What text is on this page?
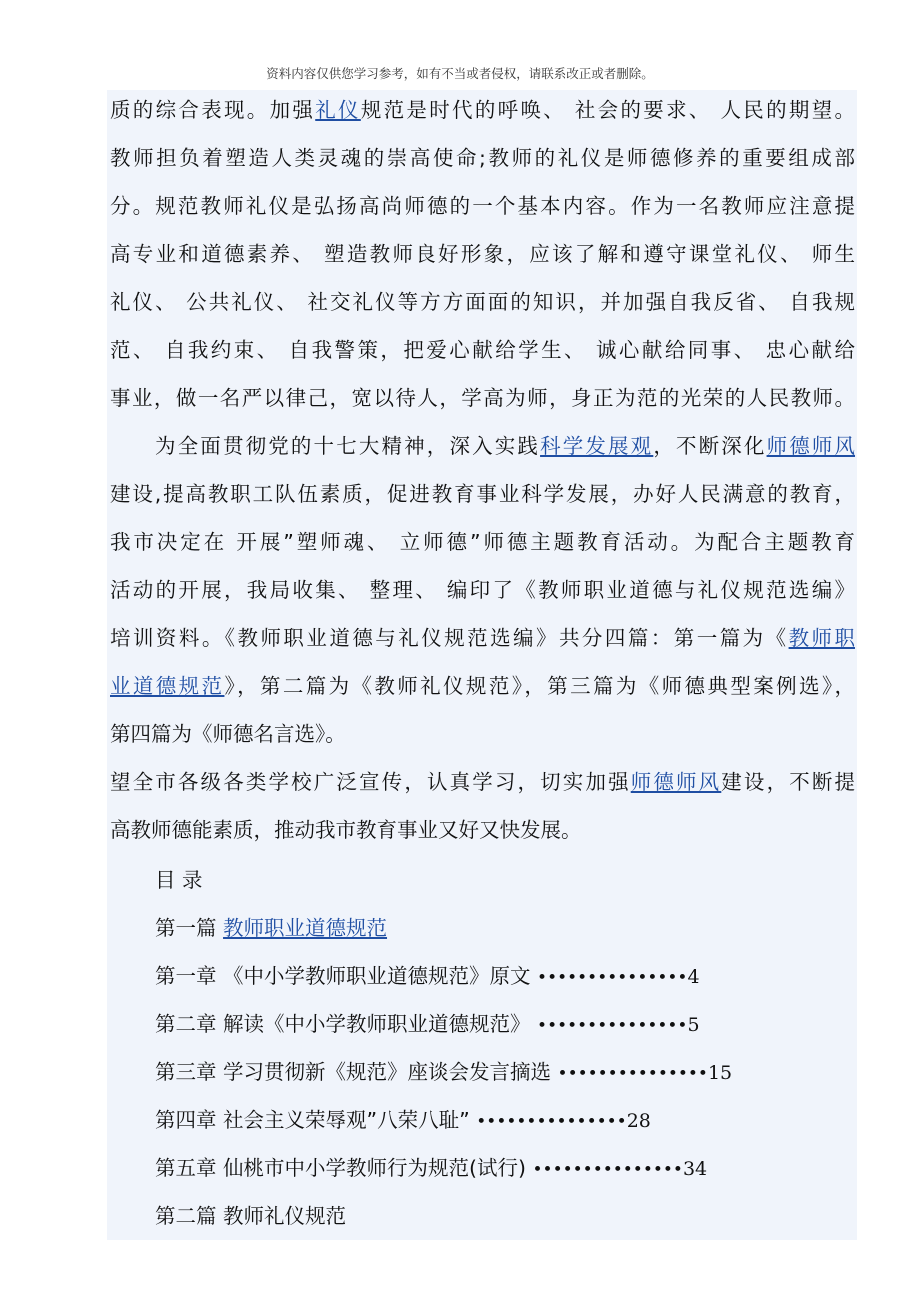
资料内容仅供您学习参考，如有不当或者侵权，请联系改正或者删除。
质的综合表现。加强礼仪规范是时代的呼唤、 社会的要求、 人民的期望。
教师担负着塑造人类灵魂的崇高使命;教师的礼仪是师德修养的重要组成部
分。规范教师礼仪是弘扬高尚师德的一个基本内容。作为一名教师应注意提
高专业和道德素养、 塑造教师良好形象，应该了解和遵守课堂礼仪、 师生
礼仪、 公共礼仪、 社交礼仪等方方面面的知识，并加强自我反省、 自我规
范、 自我约束、 自我警策，把爱心献给学生、 诚心献给同事、 忠心献给
事业，做一名严以律己，宽以待人，学高为师，身正为范的光荣的人民教师。
为全面贯彻党的十七大精神，深入实践科学发展观，不断深化师德师风
建设,提高教职工队伍素质，促进教育事业科学发展，办好人民满意的教育，
我市决定在 开展”塑师魂、 立师德”师德主题教育活动。为配合主题教育
活动的开展，我局收集、 整理、 编印了《教师职业道德与礼仪规范选编》
培训资料。《教师职业道德与礼仪规范选编》共分四篇：第一篇为《教师职
业道德规范》，第二篇为《教师礼仪规范》，第三篇为《师德典型案例选》，
第四篇为《师德名言选》。
望全市各级各类学校广泛宣传，认真学习，切实加强师德师风建设，不断提
高教师德能素质，推动我市教育事业又好又快发展。
目 录
第一篇 教师职业道德规范
第一章 《中小学教师职业道德规范》原文 •••••••••••••••4
第二章 解读《中小学教师职业道德规范》 •••••••••••••••5
第三章 学习贯彻新《规范》座谈会发言摘选 •••••••••••••••15
第四章 社会主义荣辱观”八荣八耻” •••••••••••••••28
第五章 仙桃市中小学教师行为规范(试行) •••••••••••••••34
第二篇 教师礼仪规范
